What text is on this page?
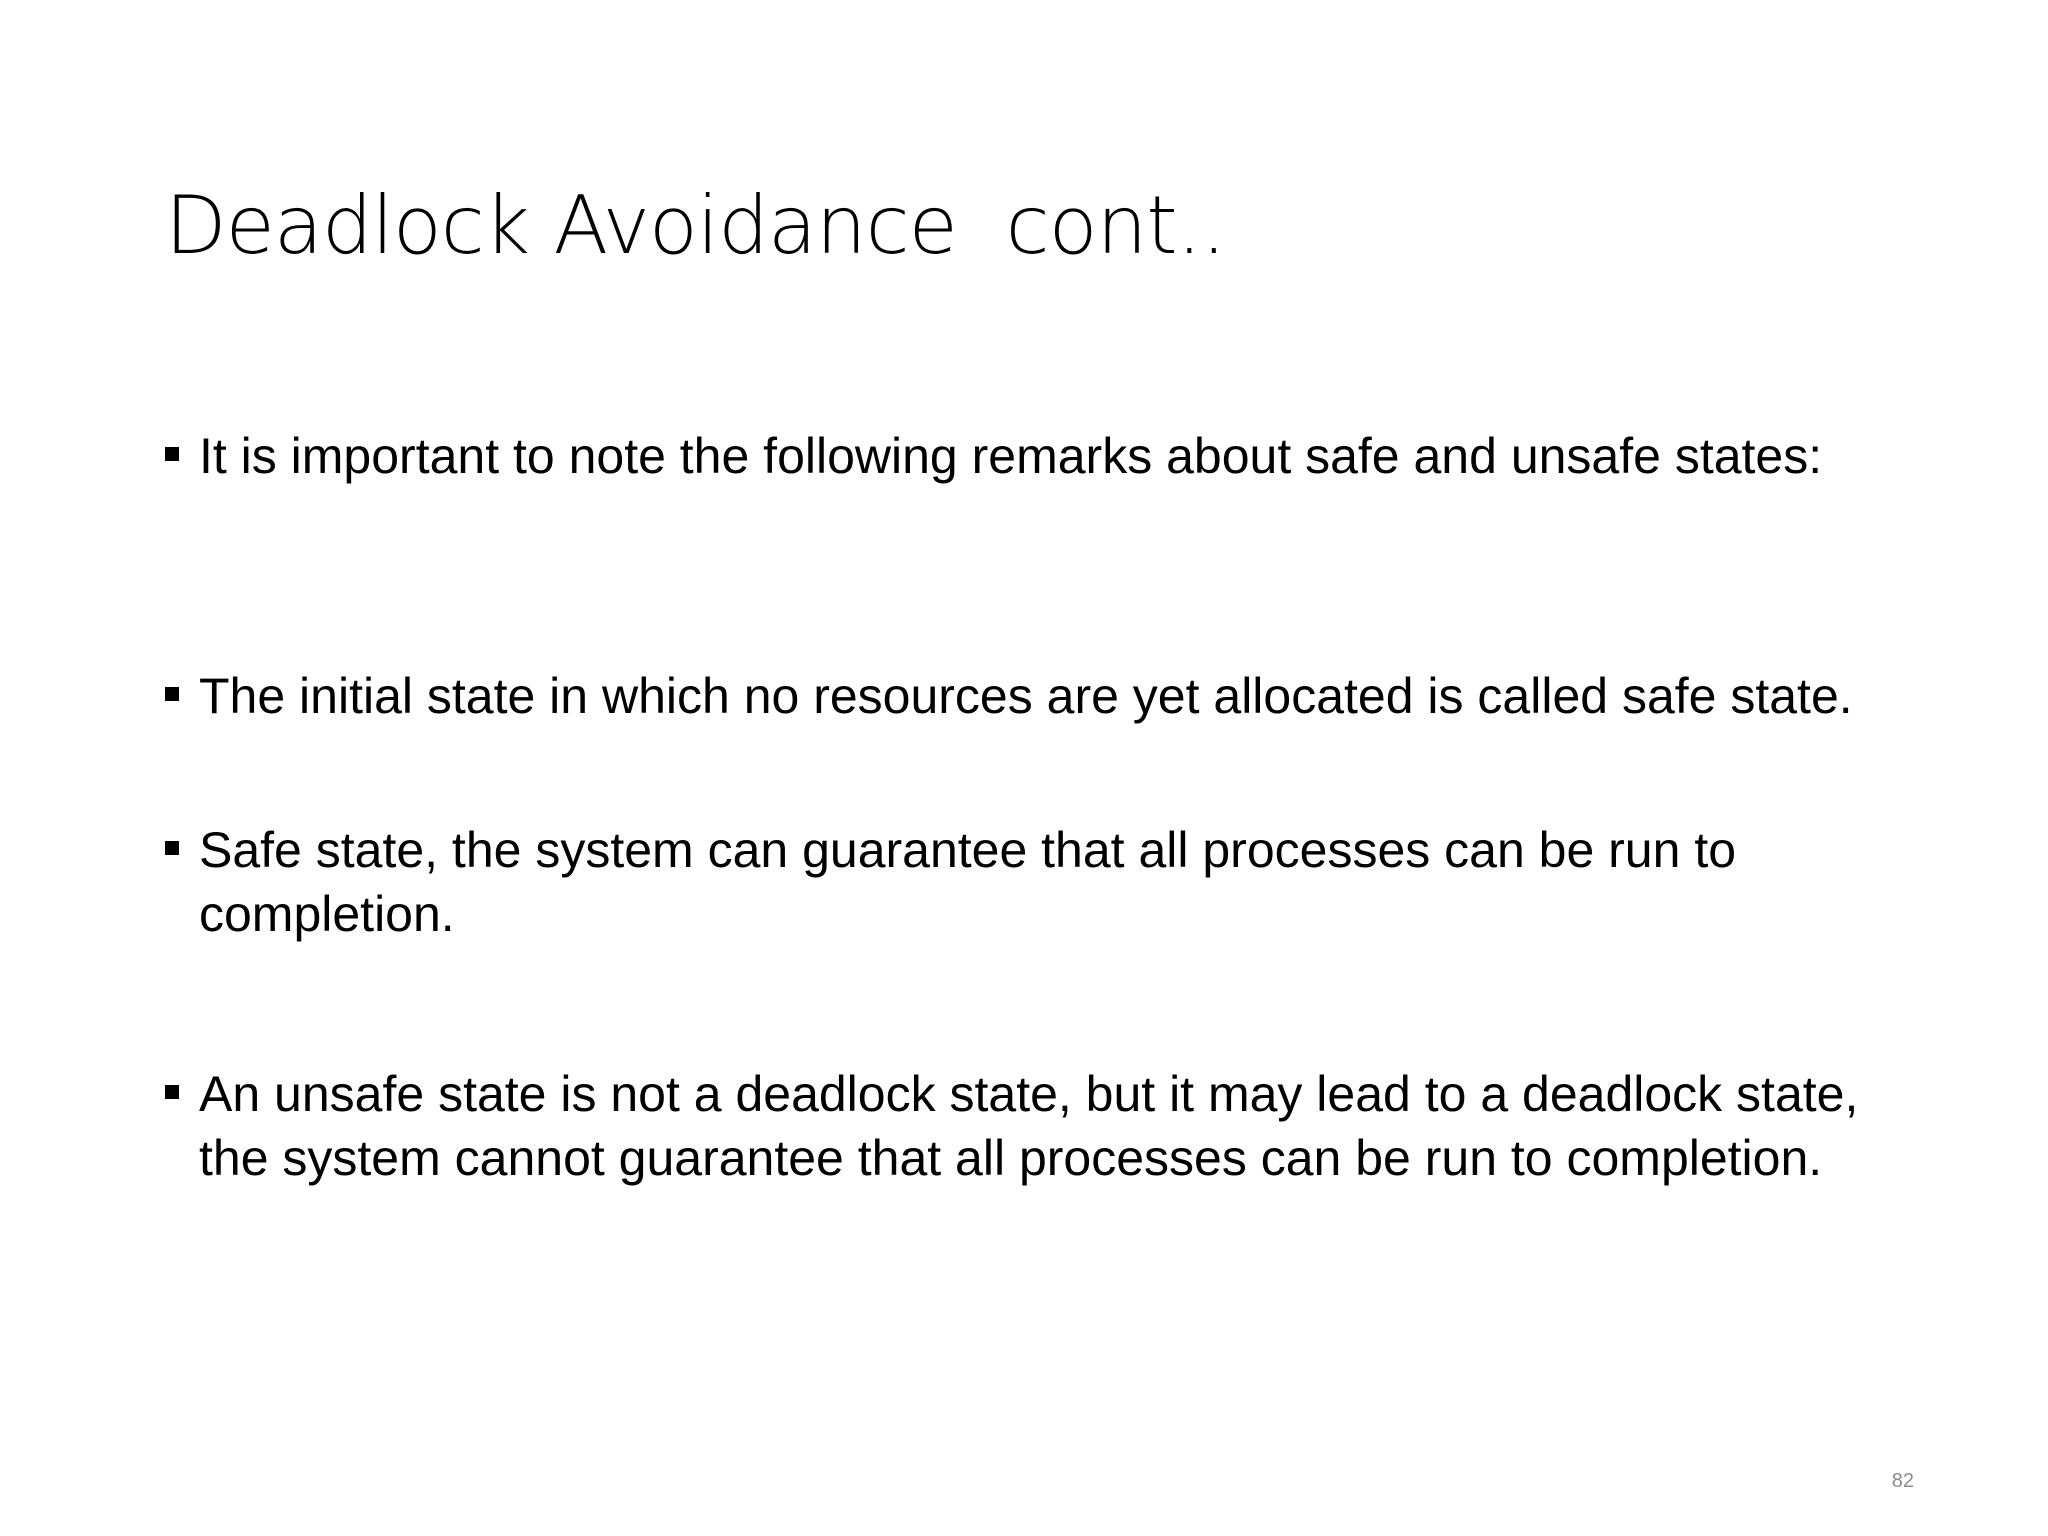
Deadlock Avoidance  cont..
It is important to note the following remarks about safe and unsafe states:
The initial state in which no resources are yet allocated is called safe state.
Safe state, the system can guarantee that all processes can be run to completion.
An unsafe state is not a deadlock state, but it may lead to a deadlock state, the system cannot guarantee that all processes can be run to completion.
82
